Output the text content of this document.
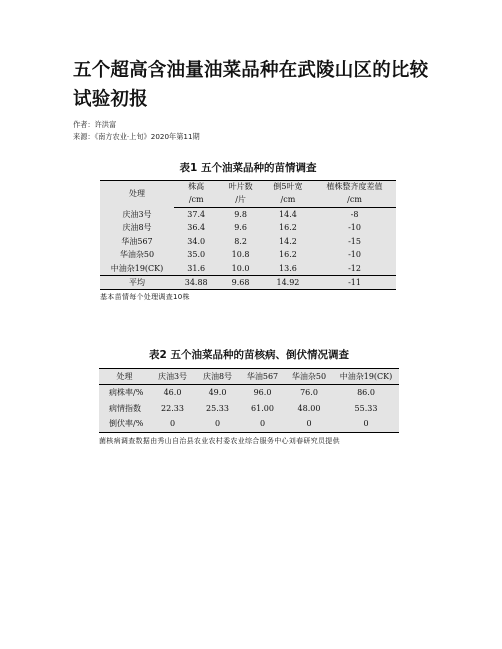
五个超高含油量油菜品种在武陵山区的比较试验初报
作者：许洪富
来源：《南方农业·上旬》2020年第11期
表1 五个油菜品种的苗情调查
处理	株高	叶片数	倒5叶宽	植株整齐度差值
	/cm	/片	/cm	/cm
庆油3号	37.4	9.8	14.4	-8
庆油8号	36.4	9.6	16.2	-10
华油567	34.0	8.2	14.2	-15
华油杂50	35.0	10.8	16.2	-10
中油杂19(CK)	31.6	10.0	13.6	-12
平均	34.88	9.68	14.92	-11
基本苗情每个处理调查10株
表2 五个油菜品种的苗核病、倒伏情况调查
处理	庆油3号	庆油8号	华油567	华油杂50	中油杂19(CK)
病株率/%	46.0	49.0	96.0	76.0	86.0
病情指数	22.33	25.33	61.00	48.00	55.33
倒伏率/%	0	0	0	0	0
菌核病调查数据由秀山自治县农业农村委农业综合服务中心刘春研究员提供
